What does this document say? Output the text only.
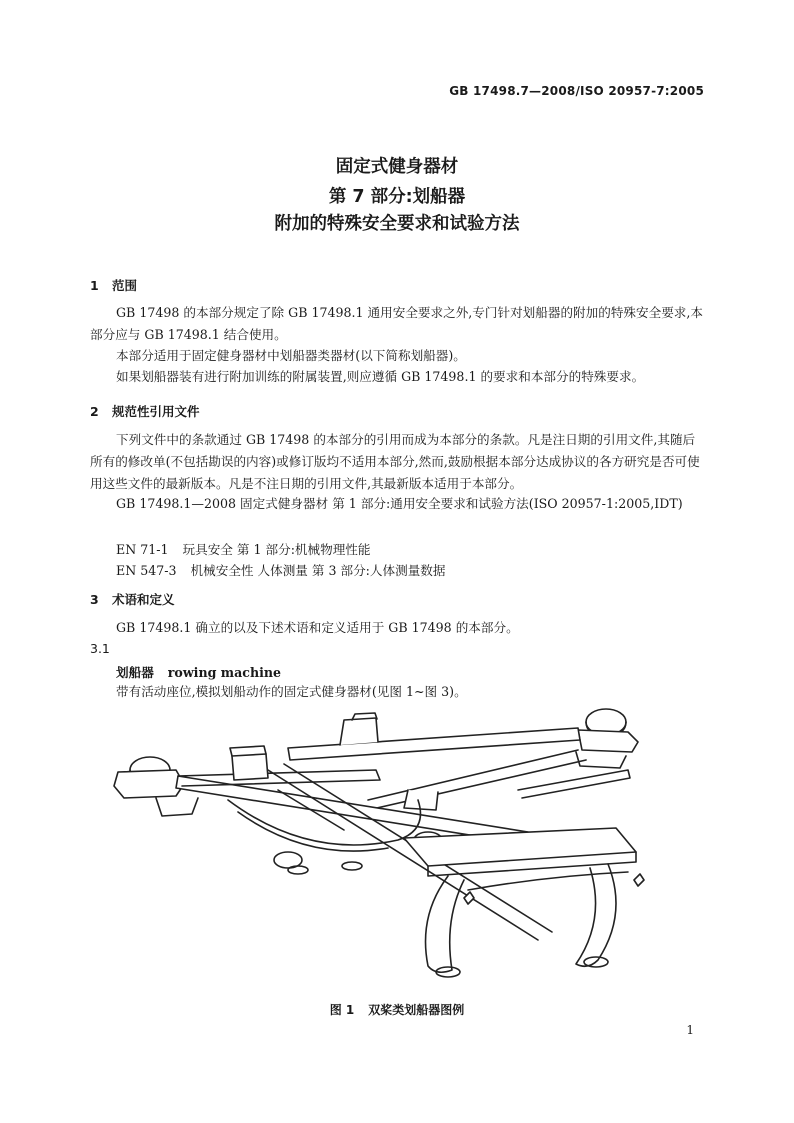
GB 17498.7—2008/ISO 20957-7:2005
固定式健身器材
第 7 部分:划船器
附加的特殊安全要求和试验方法
1 范围
GB 17498 的本部分规定了除 GB 17498.1 通用安全要求之外,专门针对划船器的附加的特殊安全要求,本部分应与 GB 17498.1 结合使用。
本部分适用于固定健身器材中划船器类器材(以下简称划船器)。
如果划船器装有进行附加训练的附属装置,则应遵循 GB 17498.1 的要求和本部分的特殊要求。
2 规范性引用文件
下列文件中的条款通过 GB 17498 的本部分的引用而成为本部分的条款。凡是注日期的引用文件,其随后所有的修改单(不包括勘误的内容)或修订版均不适用本部分,然而,鼓励根据本部分达成协议的各方研究是否可使用这些文件的最新版本。凡是不注日期的引用文件,其最新版本适用于本部分。
GB 17498.1—2008 固定式健身器材 第 1 部分:通用安全要求和试验方法(ISO 20957-1:2005,IDT)
EN 71-1 玩具安全 第 1 部分:机械物理性能
EN 547-3 机械安全性 人体测量 第 3 部分:人体测量数据
3 术语和定义
GB 17498.1 确立的以及下述术语和定义适用于 GB 17498 的本部分。
3.1
划船器 rowing machine
带有活动座位,模拟划船动作的固定式健身器材(见图 1~图 3)。
图 1 双桨类划船器图例
1
